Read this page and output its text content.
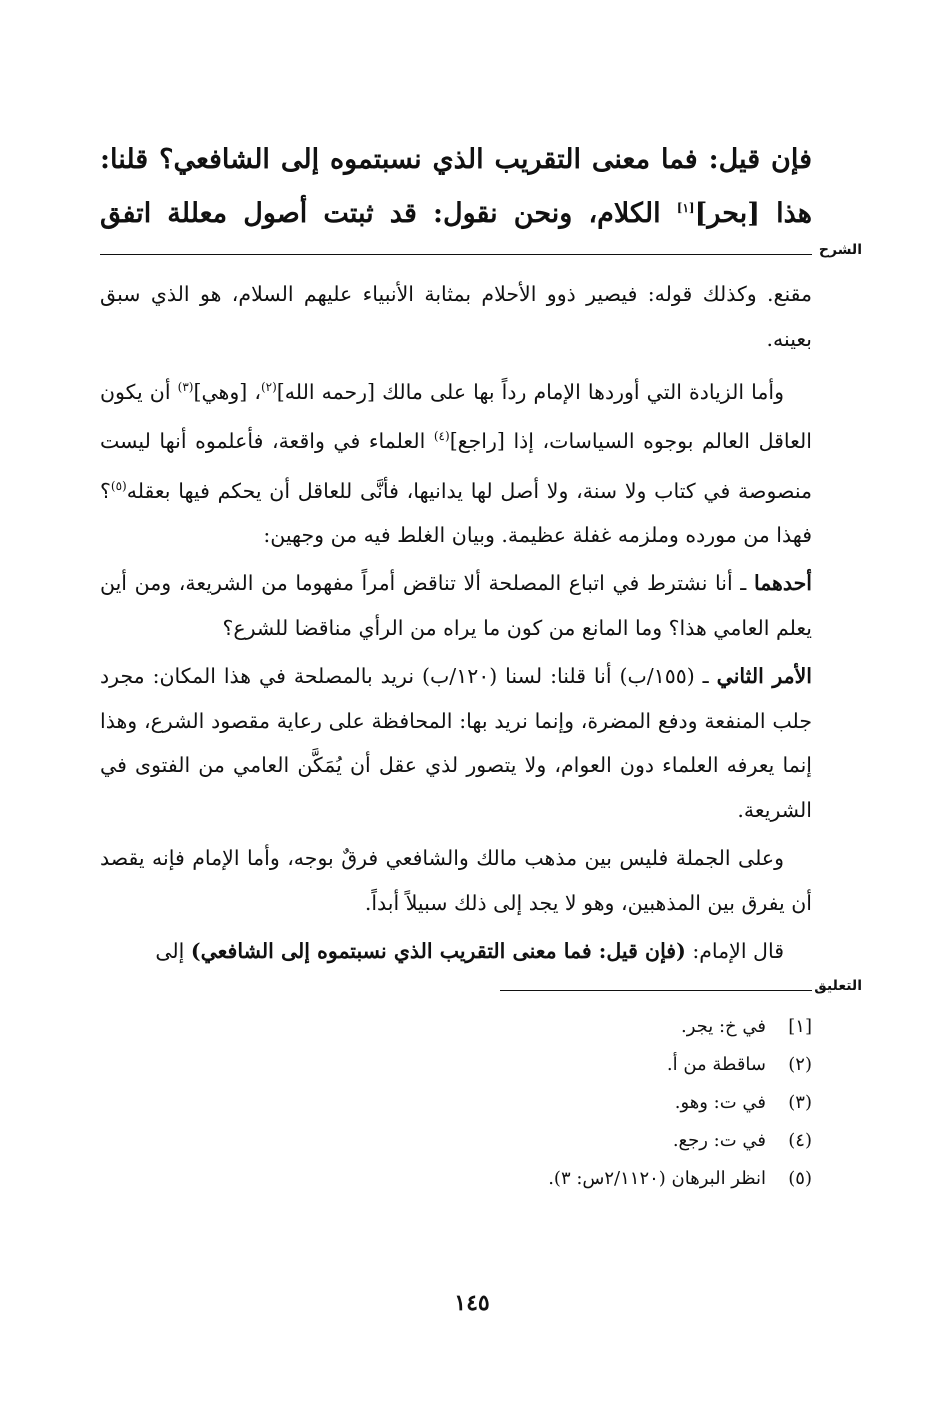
فإن قيل: فما معنى التقريب الذي نسبتموه إلى الشافعي؟ قلنا:

هذا [بحر][١] الكلام، ونحن نقول: قد ثبتت أصول معللة اتفق

الشرح

مقنع. وكذلك قوله: فيصير ذوو الأحلام بمثابة الأنبياء عليهم السلام، هو الذي سبق بعينه.

وأما الزيادة التي أوردها الإمام رداً بها على مالك [رحمه الله]$^{(٢)}$، [وهي]$^{(٣)}$ أن يكون العاقل العالم بوجوه السياسات، إذا [راجع]$^{(٤)}$ العلماء في واقعة، فأعلموه أنها ليست منصوصة في كتاب ولا سنة، ولا أصل لها يدانيها، فأنَّى للعاقل أن يحكم فيها بعقله$^{(٥)}$؟ فهذا من مورده وملزمه غفلة عظيمة. وبيان الغلط فيه من وجهين:

أحدهما ـ أنا نشترط في اتباع المصلحة ألا تناقض أمراً مفهوما من الشريعة، ومن أين يعلم العامي هذا؟ وما المانع من كون ما يراه من الرأي مناقضا للشرع؟

الأمر الثاني ـ (١٥٥/ب) أنا قلنا: لسنا (١٢٠/ب) نريد بالمصلحة في هذا المكان: مجرد جلب المنفعة ودفع المضرة، وإنما نريد بها: المحافظة على رعاية مقصود الشرع، وهذا إنما يعرفه العلماء دون العوام، ولا يتصور لذي عقل أن يُمَكَّن العامي من الفتوى في الشريعة.

وعلى الجملة فليس بين مذهب مالك والشافعي فرقٌ بوجه، وأما الإمام فإنه يقصد أن يفرق بين المذهبين، وهو لا يجد إلى ذلك سبيلاً أبداً.

قال الإمام: (فإن قيل: فما معنى التقريب الذي نسبتموه إلى الشافعي) إلى

التعليق
[١]في خ: يجر.
(٢)ساقطة من أ.
(٣)في ت: وهو.
(٤)في ت: رجع.
(٥)انظر البرهان (٢/١١٢٠س: ٣).
١٤٥
